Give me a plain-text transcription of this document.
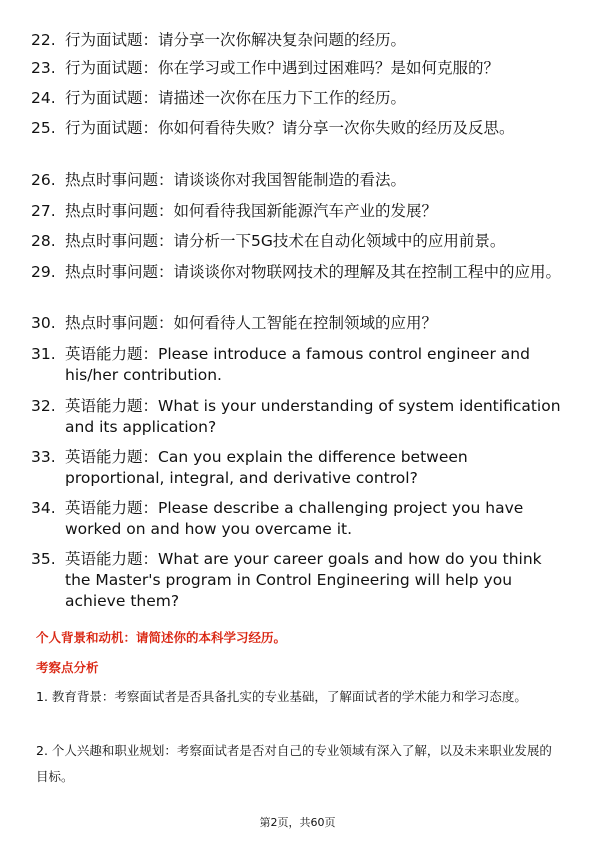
22. 行为面试题：请分享一次你解决复杂问题的经历。
23. 行为面试题：你在学习或工作中遇到过困难吗？是如何克服的？
24. 行为面试题：请描述一次你在压力下工作的经历。
25. 行为面试题：你如何看待失败？请分享一次你失败的经历及反思。
26. 热点时事问题：请谈谈你对我国智能制造的看法。
27. 热点时事问题：如何看待我国新能源汽车产业的发展？
28. 热点时事问题：请分析一下5G技术在自动化领域中的应用前景。
29. 热点时事问题：请谈谈你对物联网技术的理解及其在控制工程中的应用。
30. 热点时事问题：如何看待人工智能在控制领域的应用？
31. 英语能力题：Please introduce a famous control engineer and his/her contribution.
32. 英语能力题：What is your understanding of system identification and its application?
33. 英语能力题：Can you explain the difference between proportional, integral, and derivative control?
34. 英语能力题：Please describe a challenging project you have worked on and how you overcame it.
35. 英语能力题：What are your career goals and how do you think the Master's program in Control Engineering will help you achieve them?
个人背景和动机：请简述你的本科学习经历。
考察点分析
1. 教育背景：考察面试者是否具备扎实的专业基础，了解面试者的学术能力和学习态度。
2. 个人兴趣和职业规划：考察面试者是否对自己的专业领域有深入了解，以及未来职业发展的目标。
第2页，共60页
